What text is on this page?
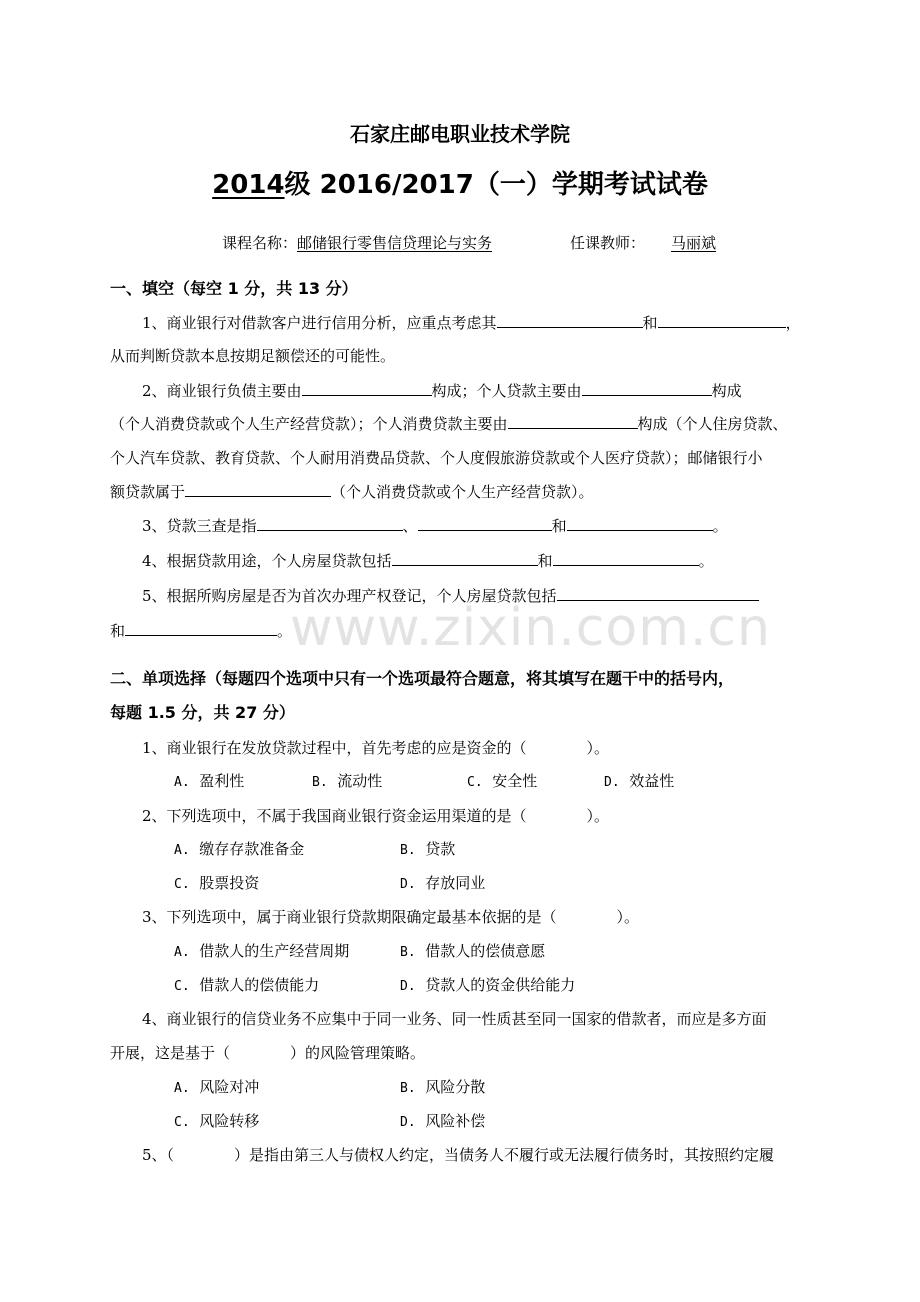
www.zixin.com.cn
石家庄邮电职业技术学院
2014级 2016/2017（一）学期考试试卷
课程名称：邮储银行零售信贷理论与实务	任课教师： 马丽斌
一、填空（每空 1 分，共 13 分）
1、商业银行对借款客户进行信用分析，应重点考虑其	和	，
从而判断贷款本息按期足额偿还的可能性。
2、商业银行负债主要由	构成；个人贷款主要由	构成
（个人消费贷款或个人生产经营贷款）；个人消费贷款主要由	构成（个人住房贷款、
个人汽车贷款、教育贷款、个人耐用消费品贷款、个人度假旅游贷款或个人医疗贷款）；邮储银行小
额贷款属于	（个人消费贷款或个人生产经营贷款）。
3、贷款三查是指	、	和	。
4、根据贷款用途，个人房屋贷款包括	和	。
5、根据所购房屋是否为首次办理产权登记，个人房屋贷款包括
和	。
二、单项选择（每题四个选项中只有一个选项最符合题意，将其填写在题干中的括号内，
每题 1.5 分，共 27 分）
1、商业银行在发放贷款过程中，首先考虑的应是资金的（　　　　）。
A. 盈利性	B. 流动性	C. 安全性	D. 效益性
2、下列选项中，不属于我国商业银行资金运用渠道的是（　　　　）。
A. 缴存存款准备金	B. 贷款
C. 股票投资	D. 存放同业
3、下列选项中，属于商业银行贷款期限确定最基本依据的是（　　　　）。
A. 借款人的生产经营周期	B. 借款人的偿债意愿
C. 借款人的偿债能力	D. 贷款人的资金供给能力
4、商业银行的信贷业务不应集中于同一业务、同一性质甚至同一国家的借款者，而应是多方面
开展，这是基于（　　　　）的风险管理策略。
A. 风险对冲	B. 风险分散
C. 风险转移	D. 风险补偿
5、（　　　　）是指由第三人与债权人约定，当债务人不履行或无法履行债务时，其按照约定履
